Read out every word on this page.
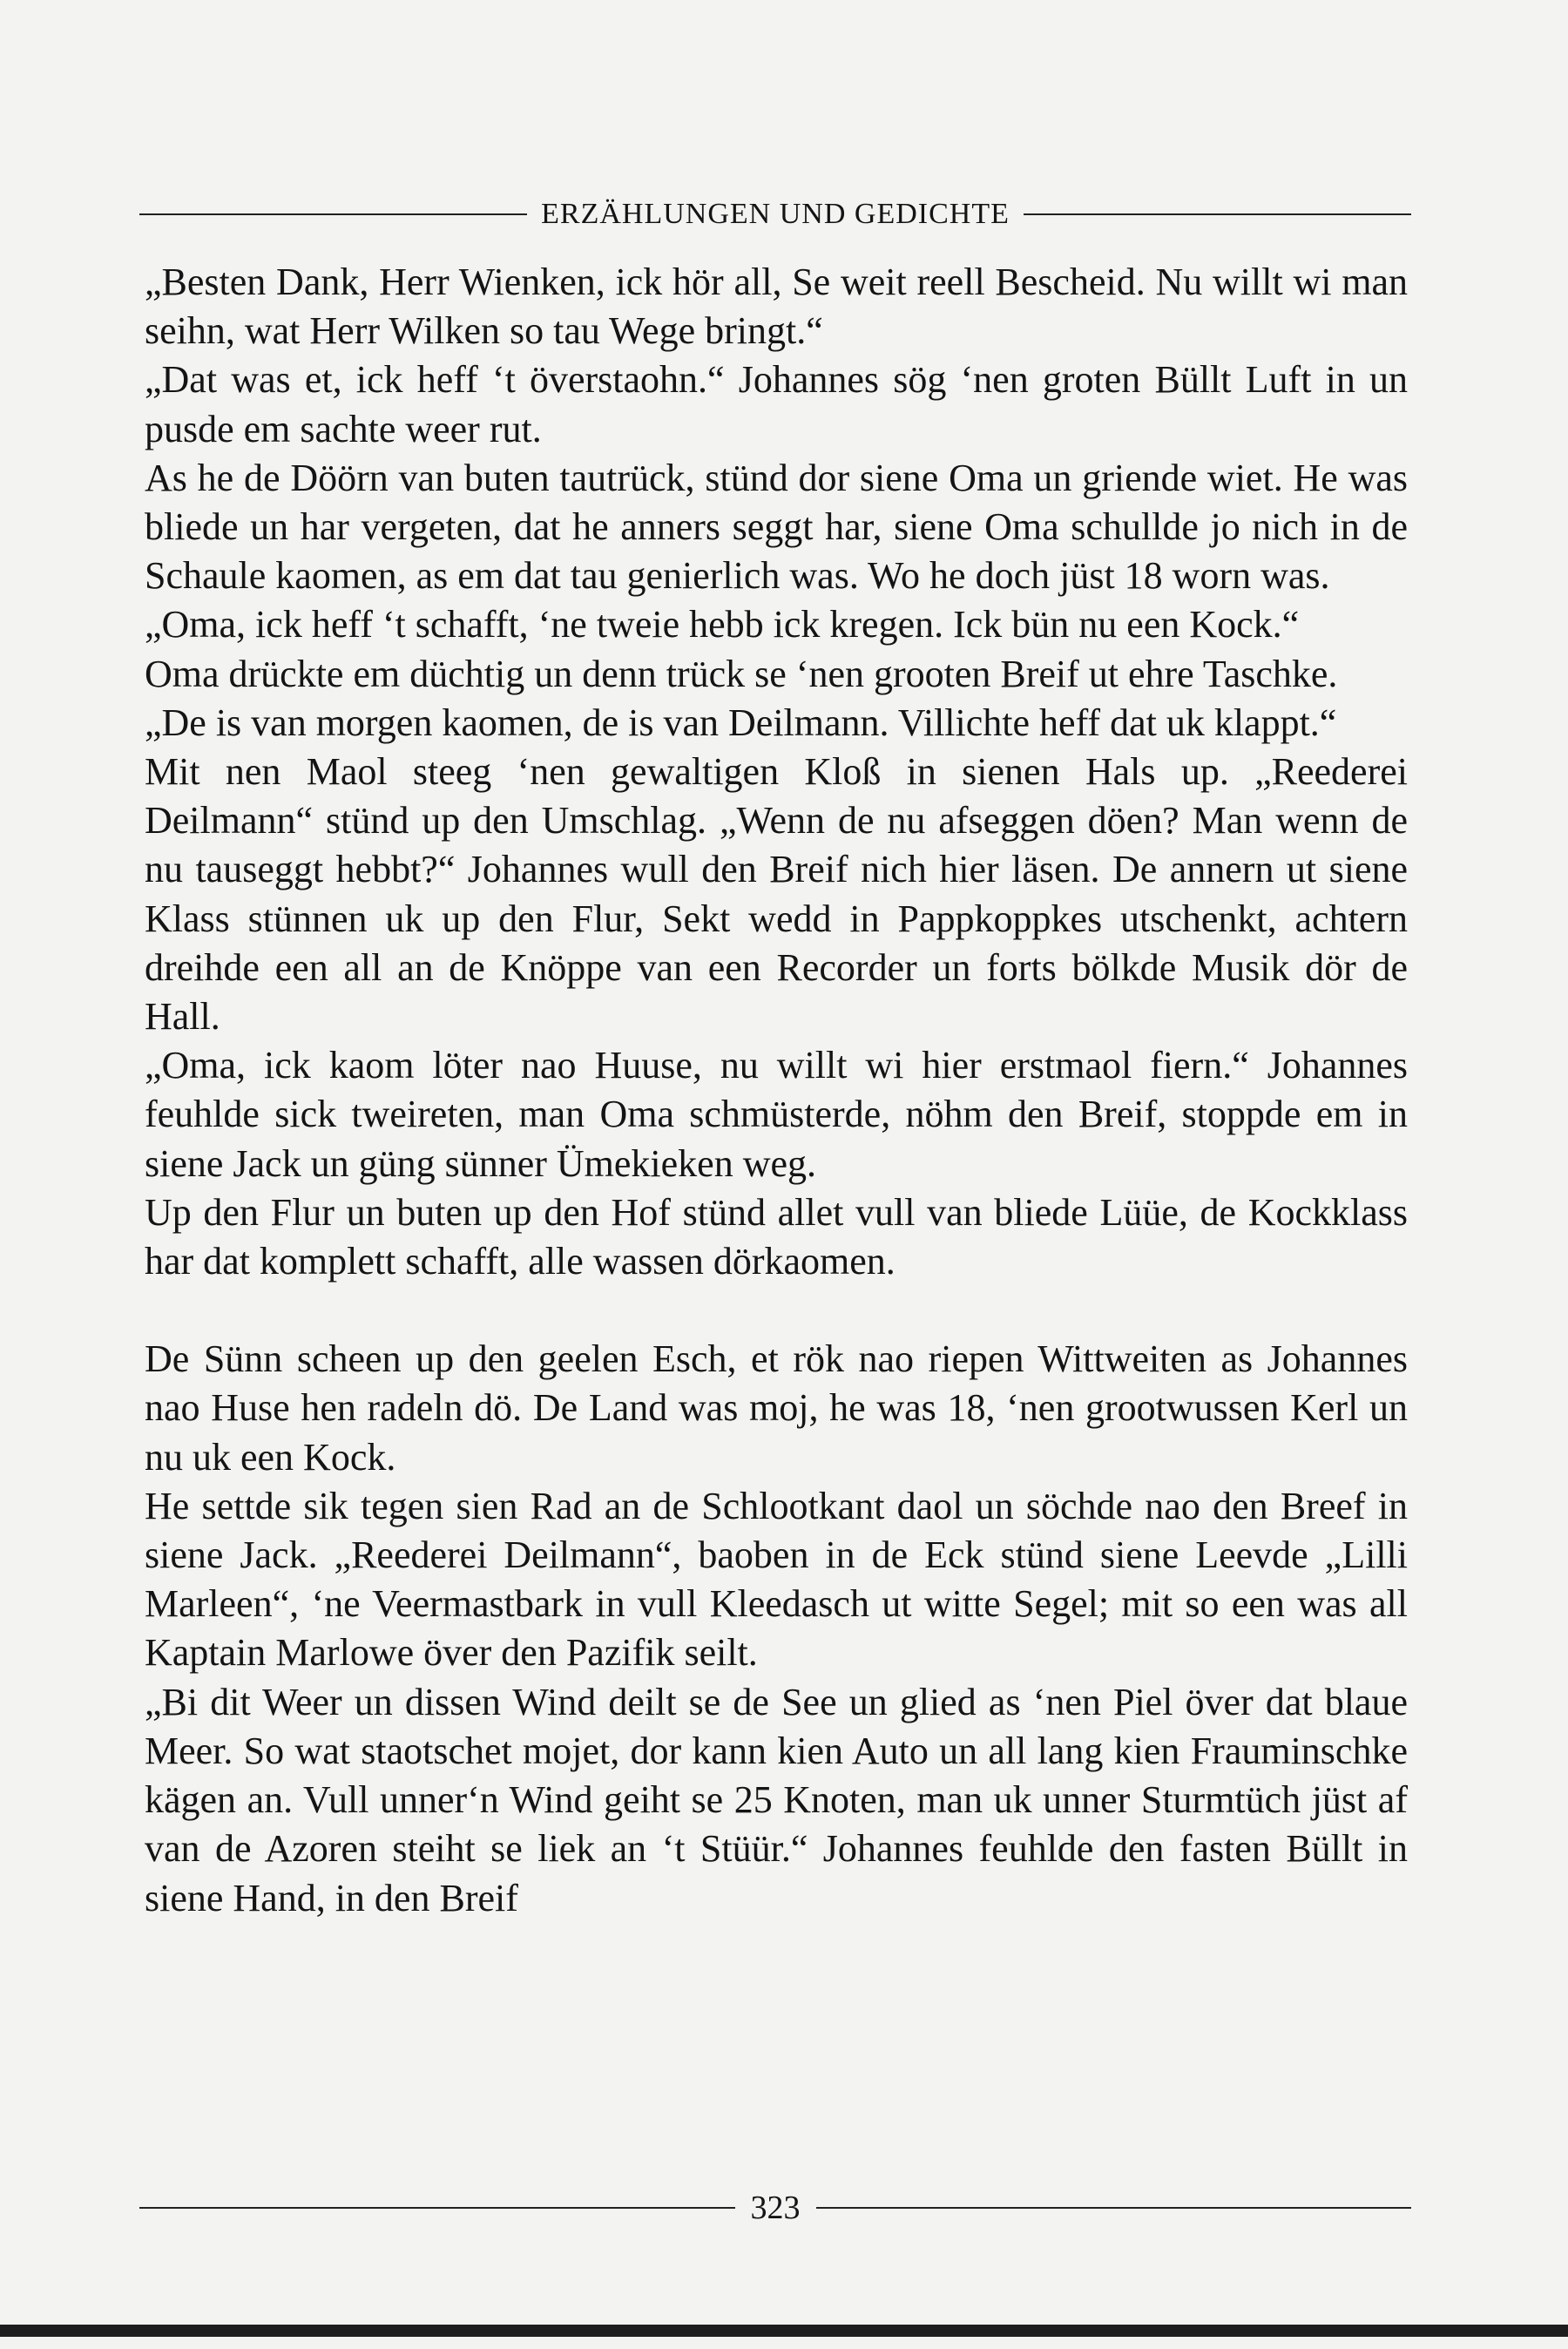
ERZÄHLUNGEN UND GEDICHTE

„Besten Dank, Herr Wienken, ick hör all, Se weit reell Bescheid. Nu willt wi man seihn, wat Herr Wilken so tau Wege bringt.“

„Dat was et, ick heff ‘t överstaohn.“ Johannes sög ‘nen groten Büllt Luft in un pusde em sachte weer rut.

As he de Döörn van buten tautrück, stünd dor siene Oma un griende wiet. He was bliede un har vergeten, dat he anners seggt har, siene Oma schullde jo nich in de Schaule kaomen, as em dat tau genierlich was. Wo he doch jüst 18 worn was.

„Oma, ick heff ‘t schafft, ‘ne tweie hebb ick kregen. Ick bün nu een Kock.“

Oma drückte em düchtig un denn trück se ‘nen grooten Breif ut ehre Taschke.

„De is van morgen kaomen, de is van Deilmann. Villichte heff dat uk klappt.“

Mit nen Maol steeg ‘nen gewaltigen Kloß in sienen Hals up. „Reederei Deilmann“ stünd up den Umschlag. „Wenn de nu afseggen döen? Man wenn de nu tauseggt hebbt?“ Johannes wull den Breif nich hier läsen. De annern ut siene Klass stünnen uk up den Flur, Sekt wedd in Pappkoppkes utschenkt, achtern dreihde een all an de Knöppe van een Recorder un forts bölkde Musik dör de Hall.

„Oma, ick kaom löter nao Huuse, nu willt wi hier erstmaol fiern.“ Johannes feuhlde sick tweireten, man Oma schmüsterde, nöhm den Breif, stoppde em in siene Jack un güng sünner Ümekieken weg.

Up den Flur un buten up den Hof stünd allet vull van bliede Lüüe, de Kockklass har dat komplett schafft, alle wassen dörkaomen.

De Sünn scheen up den geelen Esch, et rök nao riepen Wittweiten as Johannes nao Huse hen radeln dö. De Land was moj, he was 18, ‘nen grootwussen Kerl un nu uk een Kock.

He settde sik tegen sien Rad an de Schlootkant daol un söchde nao den Breef in siene Jack. „Reederei Deilmann“, baoben in de Eck stünd siene Leevde „Lilli Marleen“, ‘ne Veermastbark in vull Kleedasch ut witte Segel; mit so een was all Kaptain Marlowe över den Pazifik seilt.

„Bi dit Weer un dissen Wind deilt se de See un glied as ‘nen Piel över dat blaue Meer. So wat staotschet mojet, dor kann kien Auto un all lang kien Frauminschke kägen an. Vull unner‘n Wind geiht se 25 Knoten, man uk unner Sturmtüch jüst af van de Azoren steiht se liek an ‘t Stüür.“ Johannes feuhlde den fasten Büllt in siene Hand, in den Breif

323
